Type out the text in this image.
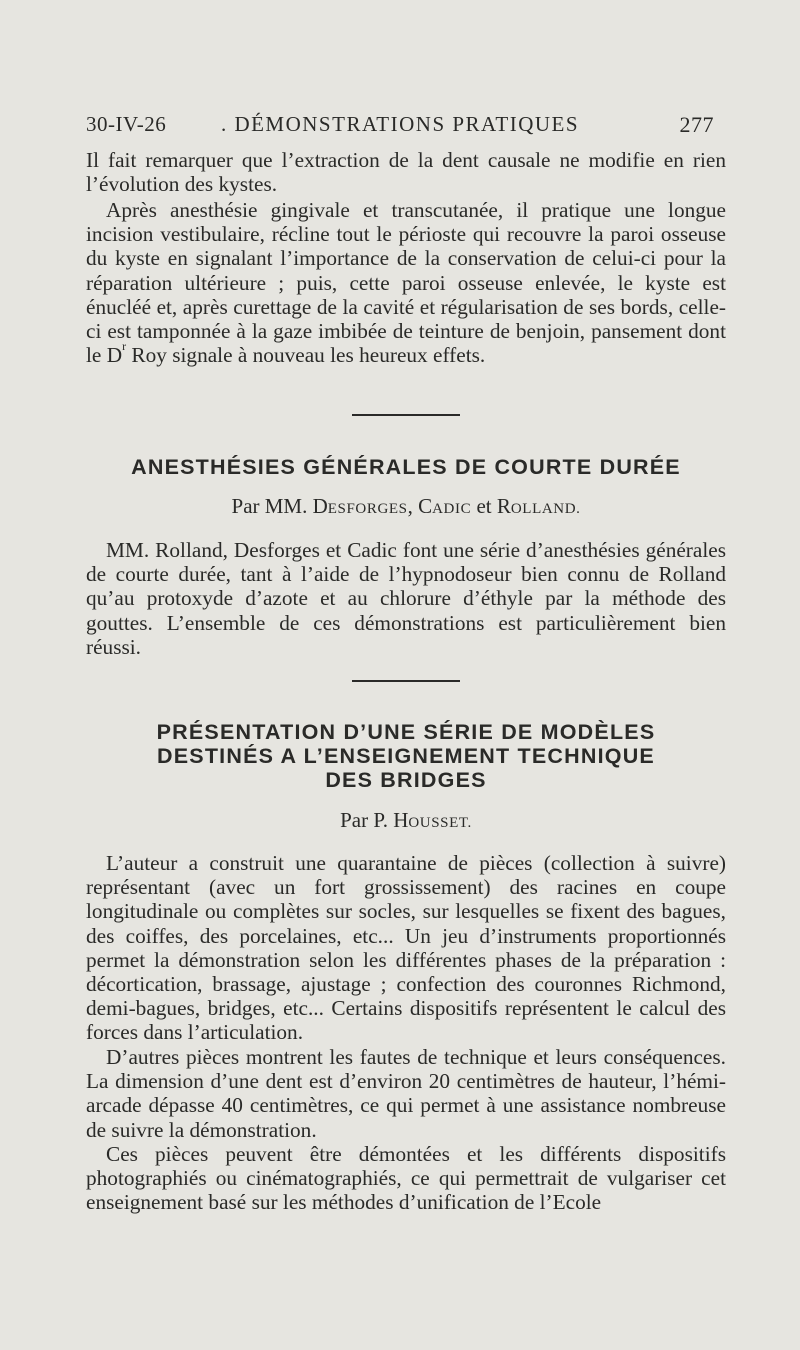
30-IV-26	. DÉMONSTRATIONS PRATIQUES	277

Il fait remarquer que l’extraction de la dent causale ne modifie en rien l’évolution des kystes.

Après anesthésie gingivale et transcutanée, il pratique une longue incision vestibulaire, récline tout le périoste qui recouvre la paroi osseuse du kyste en signalant l’importance de la conservation de celui-ci pour la réparation ultérieure ; puis, cette paroi osseuse enlevée, le kyste est énucléé et, après curettage de la cavité et régularisation de ses bords, celle-ci est tamponnée à la gaze imbibée de teinture de benjoin, pansement dont le $D^r$ Roy signale à nouveau les heureux effets.

ANESTHÉSIES GÉNÉRALES DE COURTE DURÉE
Par MM. DESFORGES, CADIC et ROLLAND.

MM. Rolland, Desforges et Cadic font une série d’anesthésies générales de courte durée, tant à l’aide de l’hypnodoseur bien connu de Rolland qu’au protoxyde d’azote et au chlorure d’éthyle par la méthode des gouttes. L’ensemble de ces démonstrations est particulièrement bien réussi.

PRÉSENTATION D’UNE SÉRIE DE MODÈLES
DESTINÉS A L’ENSEIGNEMENT TECHNIQUE
DES BRIDGES
Par P. HOUSSET.

L’auteur a construit une quarantaine de pièces (collection à suivre) représentant (avec un fort grossissement) des racines en coupe longitudinale ou complètes sur socles, sur lesquelles se fixent des bagues, des coiffes, des porcelaines, etc... Un jeu d’instruments proportionnés permet la démonstration selon les différentes phases de la préparation : décortication, brassage, ajustage ; confection des couronnes Richmond, demi-bagues, bridges, etc... Certains dispositifs représentent le calcul des forces dans l’articulation.

D’autres pièces montrent les fautes de technique et leurs conséquences. La dimension d’une dent est d’environ 20 centimètres de hauteur, l’hémi-arcade dépasse 40 centimètres, ce qui permet à une assistance nombreuse de suivre la démonstration.

Ces pièces peuvent être démontées et les différents dispositifs photographiés ou cinématographiés, ce qui permettrait de vulgariser cet enseignement basé sur les méthodes d’unification de l’Ecole
